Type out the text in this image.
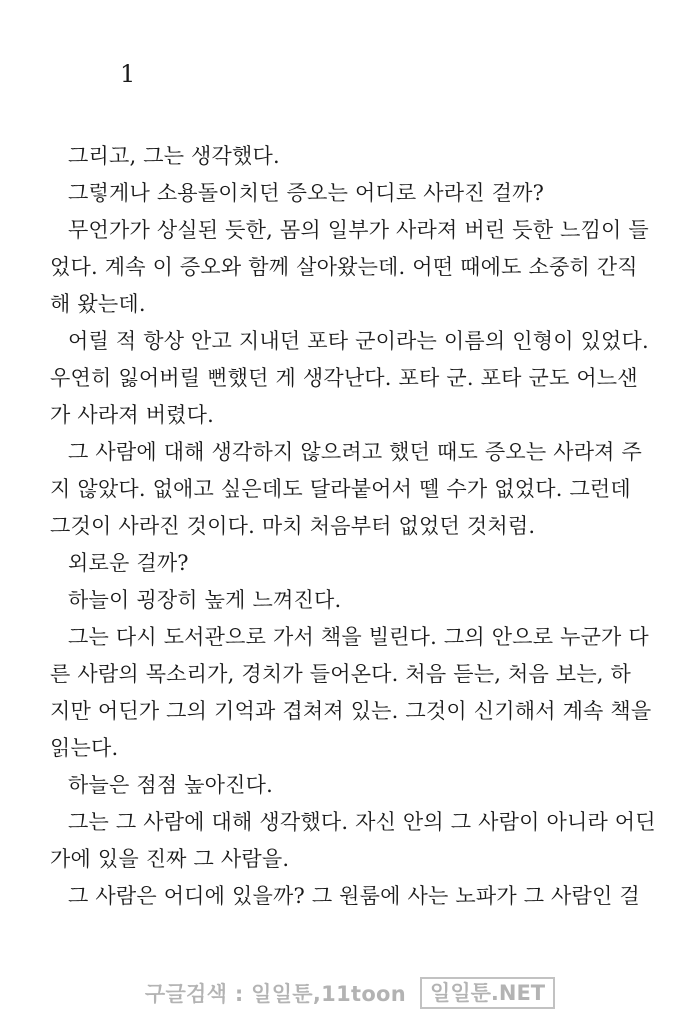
1

그리고, 그는 생각했다.

그렇게나 소용돌이치던 증오는 어디로 사라진 걸까?

무언가가 상실된 듯한, 몸의 일부가 사라져 버린 듯한 느낌이 들
었다. 계속 이 증오와 함께 살아왔는데. 어떤 때에도 소중히 간직
해 왔는데.

어릴 적 항상 안고 지내던 포타 군이라는 이름의 인형이 있었다.
우연히 잃어버릴 뻔했던 게 생각난다. 포타 군. 포타 군도 어느샌
가 사라져 버렸다.

그 사람에 대해 생각하지 않으려고 했던 때도 증오는 사라져 주
지 않았다. 없애고 싶은데도 달라붙어서 뗄 수가 없었다. 그런데
그것이 사라진 것이다. 마치 처음부터 없었던 것처럼.

외로운 걸까?

하늘이 굉장히 높게 느껴진다.

그는 다시 도서관으로 가서 책을 빌린다. 그의 안으로 누군가 다
른 사람의 목소리가, 경치가 들어온다. 처음 듣는, 처음 보는, 하
지만 어딘가 그의 기억과 겹쳐져 있는. 그것이 신기해서 계속 책을
읽는다.

하늘은 점점 높아진다.

그는 그 사람에 대해 생각했다. 자신 안의 그 사람이 아니라 어딘
가에 있을 진짜 그 사람을.

그 사람은 어디에 있을까? 그 원룸에 사는 노파가 그 사람인 걸

구글검색 : 일일툰,11toon	일일툰.NET
